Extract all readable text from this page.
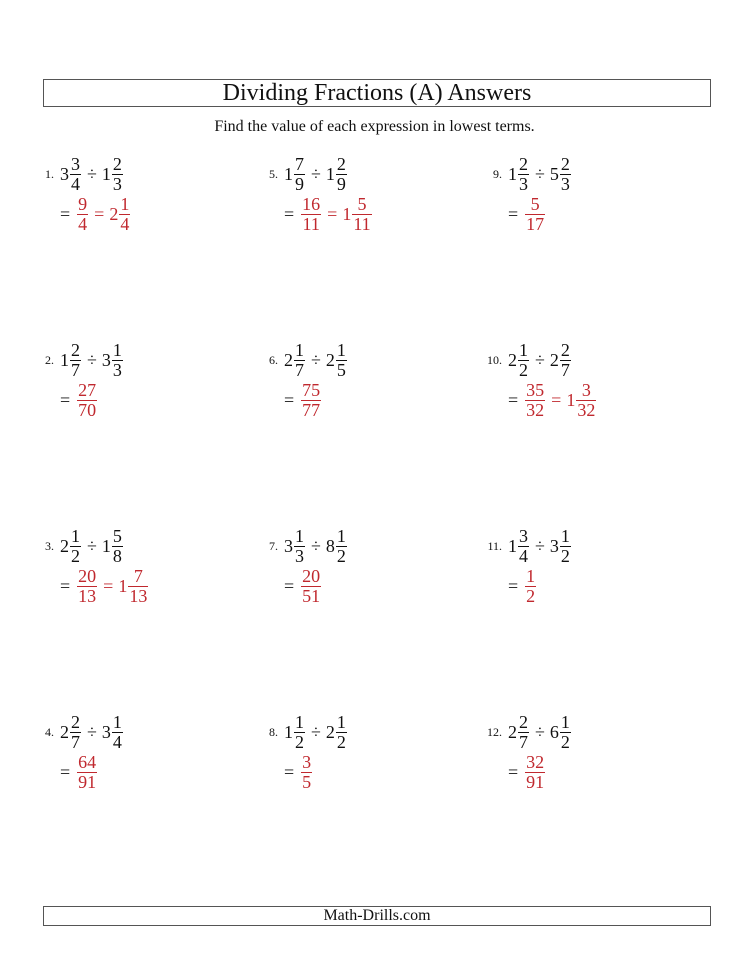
Dividing Fractions (A) Answers
Find the value of each expression in lowest terms.
1. $3 \frac{3}{4} \div 1 \frac{2}{3}$
= $\frac{9}{4} = 2 \frac{1}{4}$
2. $1 \frac{2}{7} \div 3 \frac{1}{3}$
= $\frac{27}{70}$
3. $2 \frac{1}{2} \div 1 \frac{5}{8}$
= $\frac{20}{13} = 1 \frac{7}{13}$
4. $2 \frac{2}{7} \div 3 \frac{1}{4}$
= $\frac{64}{91}$
5. $1 \frac{7}{9} \div 1 \frac{2}{9}$
= $\frac{16}{11} = 1 \frac{5}{11}$
6. $2 \frac{1}{7} \div 2 \frac{1}{5}$
= $\frac{75}{77}$
7. $3 \frac{1}{3} \div 8 \frac{1}{2}$
= $\frac{20}{51}$
8. $1 \frac{1}{2} \div 2 \frac{1}{2}$
= $\frac{3}{5}$
9. $1 \frac{2}{3} \div 5 \frac{2}{3}$
= $\frac{5}{17}$
10. $2 \frac{1}{2} \div 2 \frac{2}{7}$
= $\frac{35}{32} = 1 \frac{3}{32}$
11. $1 \frac{3}{4} \div 3 \frac{1}{2}$
= $\frac{1}{2}$
12. $2 \frac{2}{7} \div 6 \frac{1}{2}$
= $\frac{32}{91}$
Math-Drills.com
